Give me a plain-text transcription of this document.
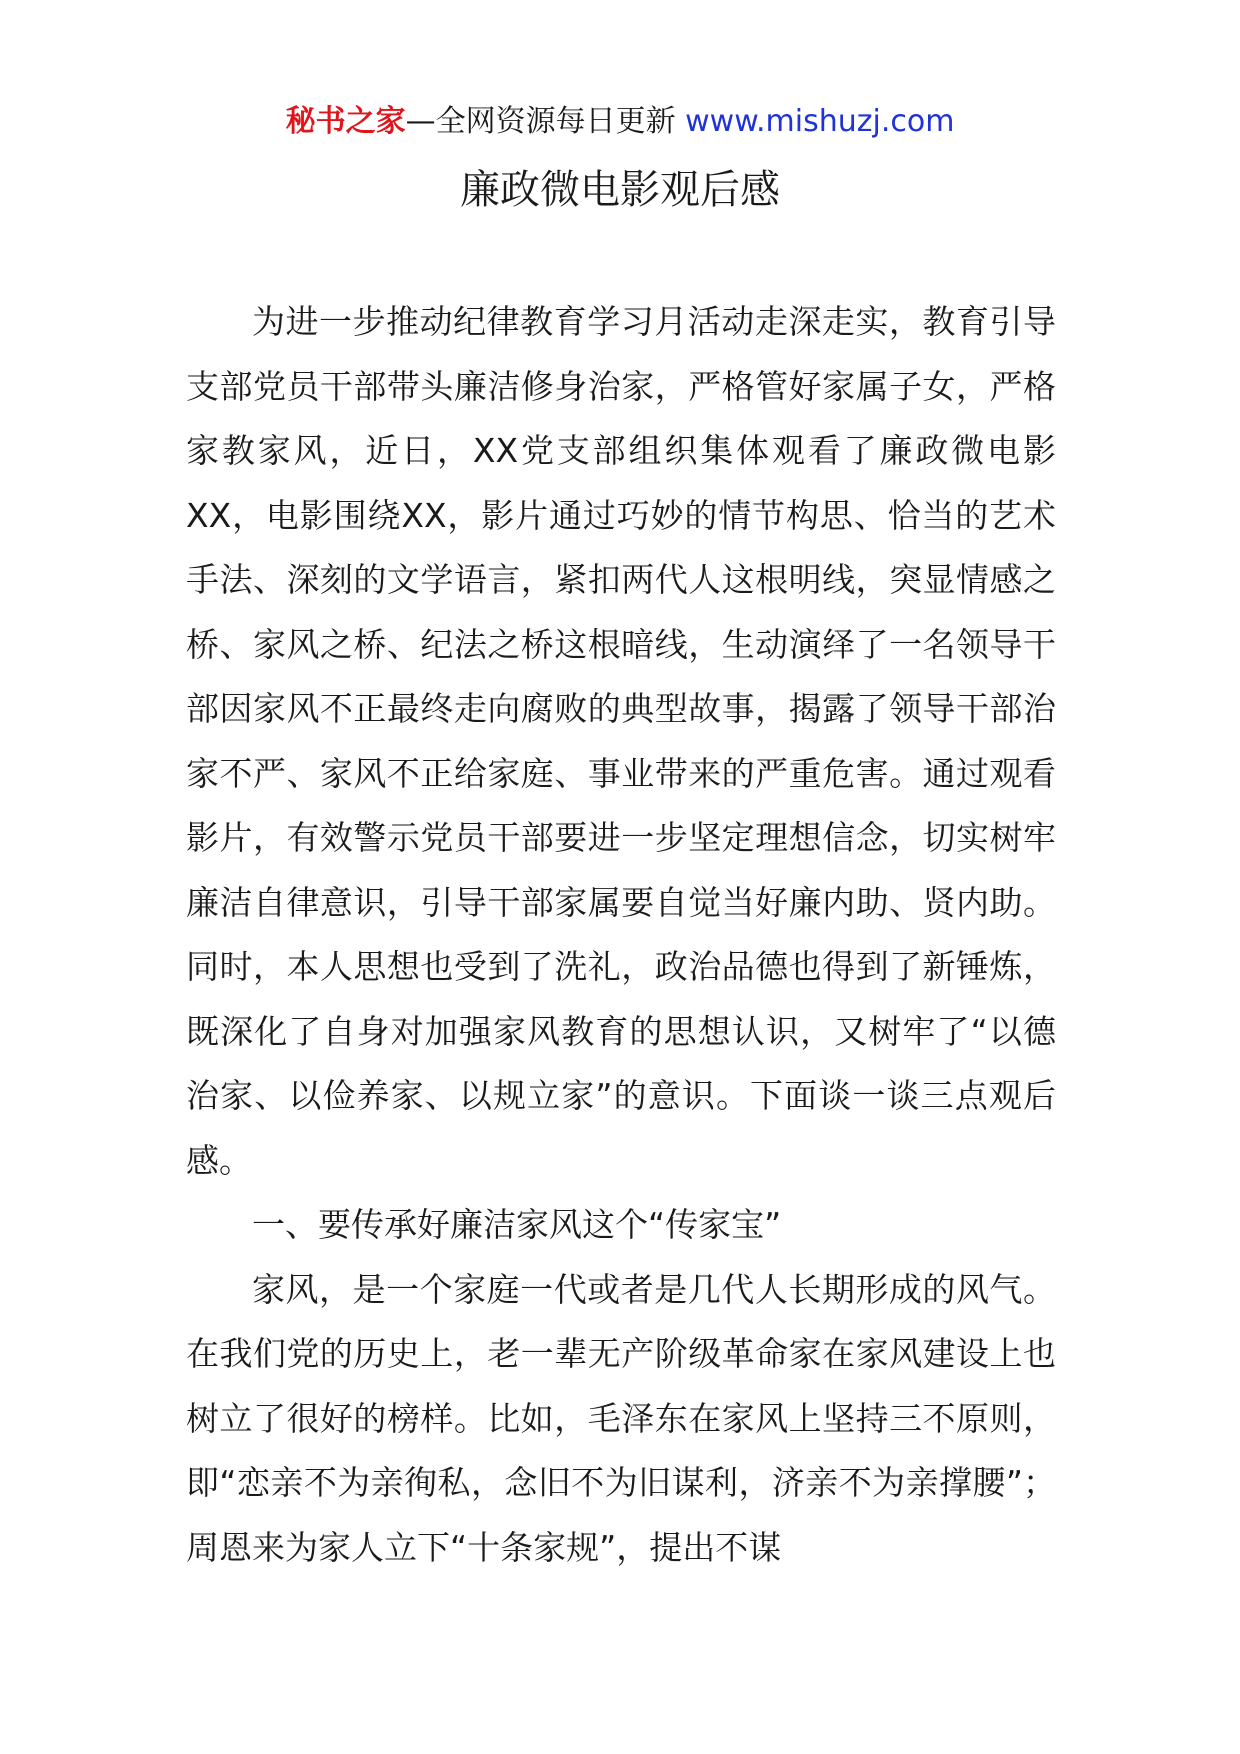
秘书之家—全网资源每日更新 www.mishuzj.com
廉政微电影观后感

为进一步推动纪律教育学习月活动走深走实，教育引导支部党员干部带头廉洁修身治家，严格管好家属子女，严格家教家风，近日，XX党支部组织集体观看了廉政微电影XX，电影围绕XX，影片通过巧妙的情节构思、恰当的艺术手法、深刻的文学语言，紧扣两代人这根明线，突显情感之桥、家风之桥、纪法之桥这根暗线，生动演绎了一名领导干部因家风不正最终走向腐败的典型故事，揭露了领导干部治家不严、家风不正给家庭、事业带来的严重危害。通过观看影片，有效警示党员干部要进一步坚定理想信念，切实树牢廉洁自律意识，引导干部家属要自觉当好廉内助、贤内助。同时，本人思想也受到了洗礼，政治品德也得到了新锤炼，既深化了自身对加强家风教育的思想认识，又树牢了“以德治家、以俭养家、以规立家”的意识。下面谈一谈三点观后感。

一、要传承好廉洁家风这个“传家宝”

家风，是一个家庭一代或者是几代人长期形成的风气。在我们党的历史上，老一辈无产阶级革命家在家风建设上也树立了很好的榜样。比如，毛泽东在家风上坚持三不原则，即“恋亲不为亲徇私，念旧不为旧谋利，济亲不为亲撑腰”；周恩来为家人立下“十条家规”，提出不谋
